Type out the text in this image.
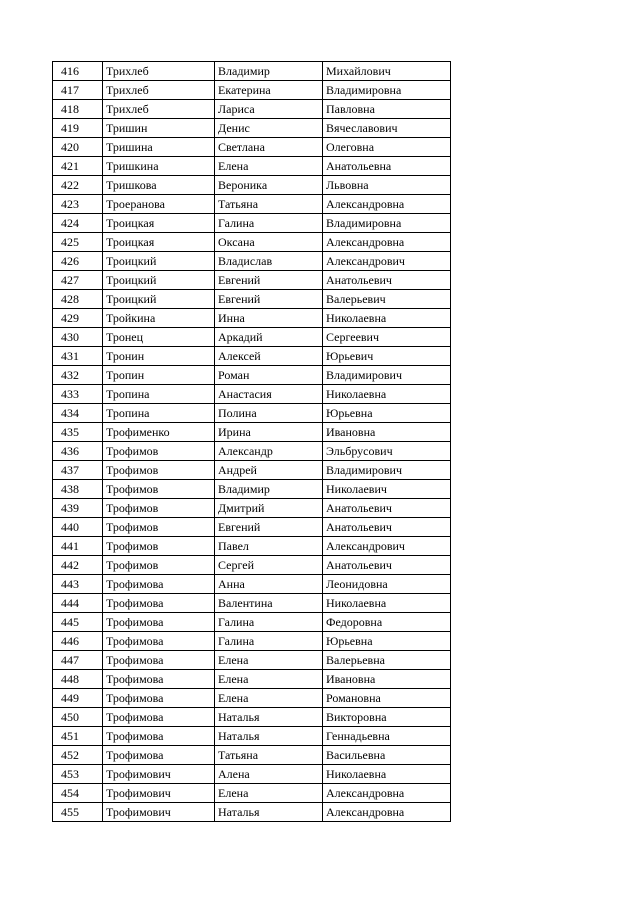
416	Трихлеб	Владимир	Михайлович
417	Трихлеб	Екатерина	Владимировна
418	Трихлеб	Лариса	Павловна
419	Тришин	Денис	Вячеславович
420	Тришина	Светлана	Олеговна
421	Тришкина	Елена	Анатольевна
422	Тришкова	Вероника	Львовна
423	Троеранова	Татьяна	Александровна
424	Троицкая	Галина	Владимировна
425	Троицкая	Оксана	Александровна
426	Троицкий	Владислав	Александрович
427	Троицкий	Евгений	Анатольевич
428	Троицкий	Евгений	Валерьевич
429	Тройкина	Инна	Николаевна
430	Тронец	Аркадий	Сергеевич
431	Тронин	Алексей	Юрьевич
432	Тропин	Роман	Владимирович
433	Тропина	Анастасия	Николаевна
434	Тропина	Полина	Юрьевна
435	Трофименко	Ирина	Ивановна
436	Трофимов	Александр	Эльбрусович
437	Трофимов	Андрей	Владимирович
438	Трофимов	Владимир	Николаевич
439	Трофимов	Дмитрий	Анатольевич
440	Трофимов	Евгений	Анатольевич
441	Трофимов	Павел	Александрович
442	Трофимов	Сергей	Анатольевич
443	Трофимова	Анна	Леонидовна
444	Трофимова	Валентина	Николаевна
445	Трофимова	Галина	Федоровна
446	Трофимова	Галина	Юрьевна
447	Трофимова	Елена	Валерьевна
448	Трофимова	Елена	Ивановна
449	Трофимова	Елена	Романовна
450	Трофимова	Наталья	Викторовна
451	Трофимова	Наталья	Геннадьевна
452	Трофимова	Татьяна	Васильевна
453	Трофимович	Алена	Николаевна
454	Трофимович	Елена	Александровна
455	Трофимович	Наталья	Александровна
